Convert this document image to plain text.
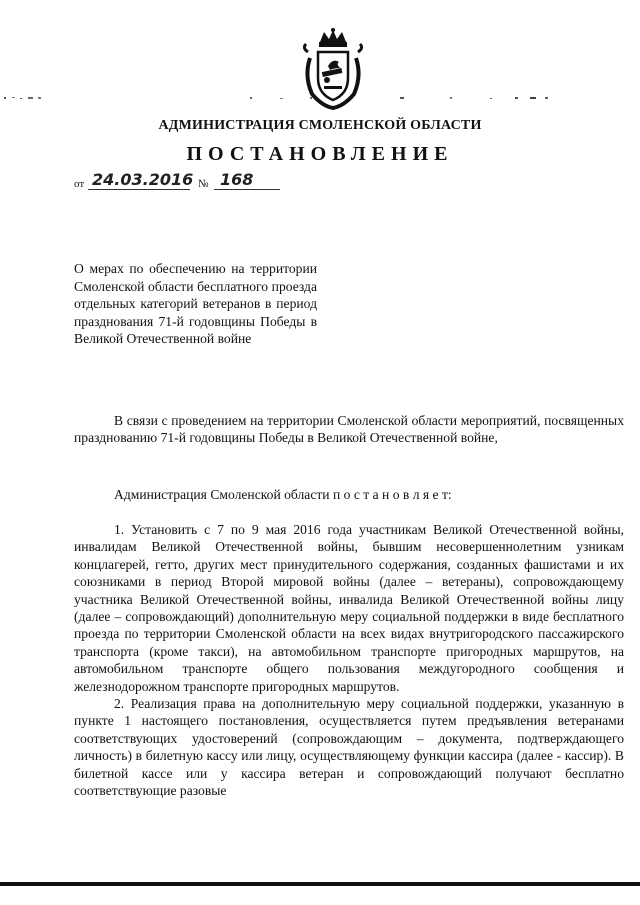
АДМИНИСТРАЦИЯ СМОЛЕНСКОЙ ОБЛАСТИ
ПОСТАНОВЛЕНИЕ
от 24.03.2016 № 168
О мерах по обеспечению на территории Смоленской области бесплатного проезда отдельных категорий ветеранов в период празднования 71-й годовщины Победы в Великой Отечественной войне

В связи с проведением на территории Смоленской области мероприятий, посвященных празднованию 71-й годовщины Победы в Великой Отечественной войне,

Администрация Смоленской области п о с т а н о в л я е т:

1. Установить с 7 по 9 мая 2016 года участникам Великой Отечественной войны, инвалидам Великой Отечественной войны, бывшим несовершеннолетним узникам концлагерей, гетто, других мест принудительного содержания, созданных фашистами и их союзниками в период Второй мировой войны (далее – ветераны), сопровождающему участника Великой Отечественной войны, инвалида Великой Отечественной войны лицу (далее – сопровождающий) дополнительную меру социальной поддержки в виде бесплатного проезда по территории Смоленской области на всех видах внутригородского пассажирского транспорта (кроме такси), на автомобильном транспорте пригородных маршрутов, на автомобильном транспорте общего пользования междугородного сообщения и железнодорожном транспорте пригородных маршрутов.

2. Реализация права на дополнительную меру социальной поддержки, указанную в пункте 1 настоящего постановления, осуществляется путем предъявления ветеранами соответствующих удостоверений (сопровождающим – документа, подтверждающего личность) в билетную кассу или лицу, осуществляющему функции кассира (далее - кассир). В билетной кассе или у кассира ветеран и сопровождающий получают бесплатно соответствующие разовые
